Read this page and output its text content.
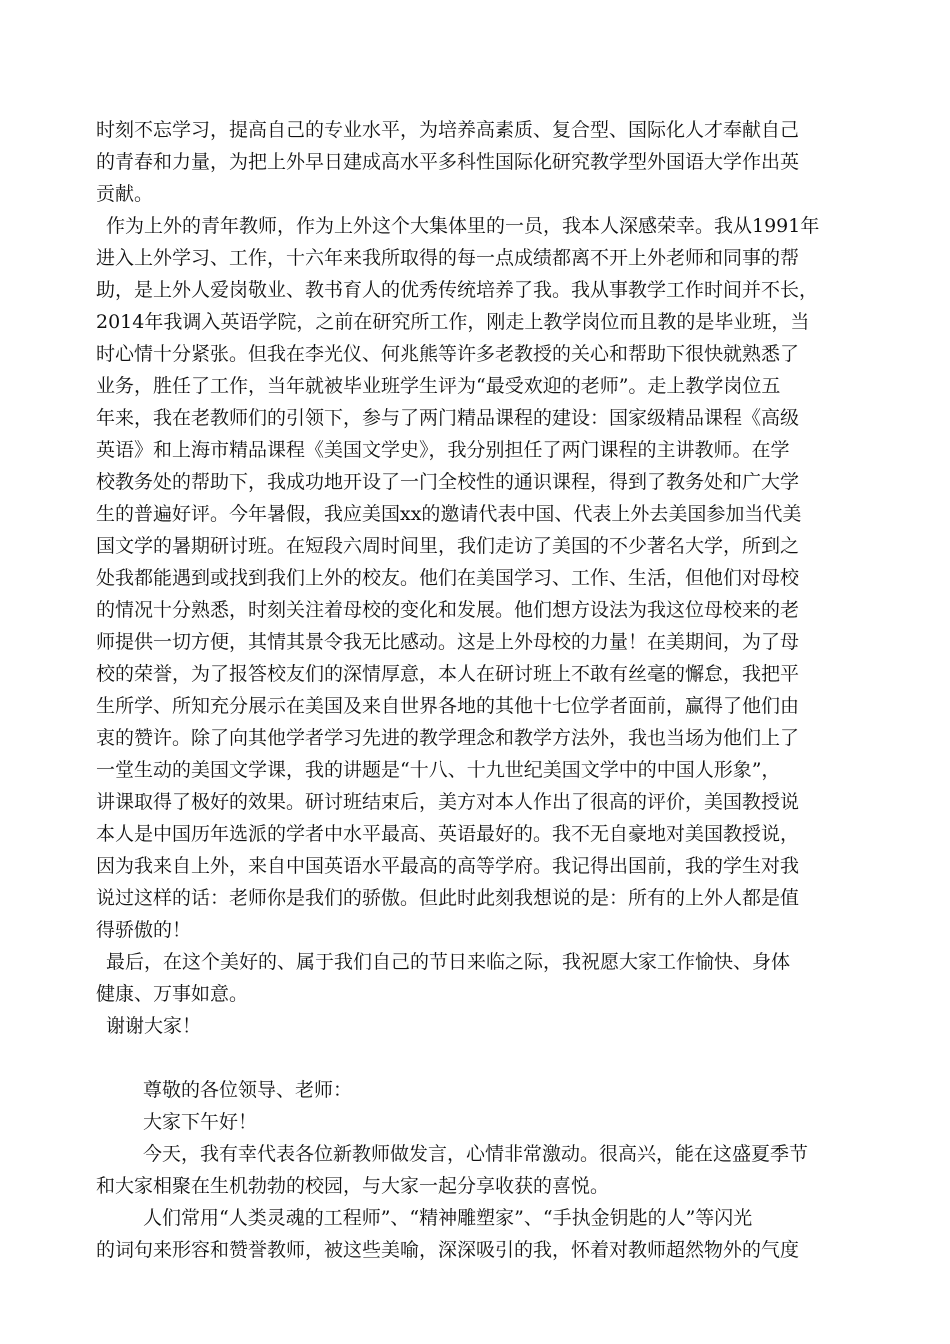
时刻不忘学习，提高自己的专业水平，为培养高素质、复合型、国际化人才奉献自己
的青春和力量，为把上外早日建成高水平多科性国际化研究教学型外国语大学作出英
贡献。
作为上外的青年教师，作为上外这个大集体里的一员，我本人深感荣幸。我从1991年
进入上外学习、工作，十六年来我所取得的每一点成绩都离不开上外老师和同事的帮
助，是上外人爱岗敬业、教书育人的优秀传统培养了我。我从事教学工作时间并不长，
2014年我调入英语学院，之前在研究所工作，刚走上教学岗位而且教的是毕业班，当
时心情十分紧张。但我在李光仪、何兆熊等许多老教授的关心和帮助下很快就熟悉了
业务，胜任了工作，当年就被毕业班学生评为“最受欢迎的老师”。走上教学岗位五
年来，我在老教师们的引领下，参与了两门精品课程的建设：国家级精品课程《高级
英语》和上海市精品课程《美国文学史》，我分别担任了两门课程的主讲教师。在学
校教务处的帮助下，我成功地开设了一门全校性的通识课程，得到了教务处和广大学
生的普遍好评。今年暑假，我应美国xx的邀请代表中国、代表上外去美国参加当代美
国文学的暑期研讨班。在短段六周时间里，我们走访了美国的不少著名大学，所到之
处我都能遇到或找到我们上外的校友。他们在美国学习、工作、生活，但他们对母校
的情况十分熟悉，时刻关注着母校的变化和发展。他们想方设法为我这位母校来的老
师提供一切方便，其情其景令我无比感动。这是上外母校的力量！在美期间，为了母
校的荣誉，为了报答校友们的深情厚意，本人在研讨班上不敢有丝毫的懈怠，我把平
生所学、所知充分展示在美国及来自世界各地的其他十七位学者面前，赢得了他们由
衷的赞许。除了向其他学者学习先进的教学理念和教学方法外，我也当场为他们上了
一堂生动的美国文学课，我的讲题是“十八、十九世纪美国文学中的中国人形象”，
讲课取得了极好的效果。研讨班结束后，美方对本人作出了很高的评价，美国教授说
本人是中国历年选派的学者中水平最高、英语最好的。我不无自豪地对美国教授说，
因为我来自上外，来自中国英语水平最高的高等学府。我记得出国前，我的学生对我
说过这样的话：老师你是我们的骄傲。但此时此刻我想说的是：所有的上外人都是值
得骄傲的！
最后，在这个美好的、属于我们自己的节日来临之际，我祝愿大家工作愉快、身体
健康、万事如意。
谢谢大家！
尊敬的各位领导、老师：
大家下午好！
今天，我有幸代表各位新教师做发言，心情非常激动。很高兴，能在这盛夏季节
和大家相聚在生机勃勃的校园，与大家一起分享收获的喜悦。
人们常用“人类灵魂的工程师”、“精神雕塑家”、“手执金钥匙的人”等闪光
的词句来形容和赞誉教师，被这些美喻，深深吸引的我，怀着对教师超然物外的气度
